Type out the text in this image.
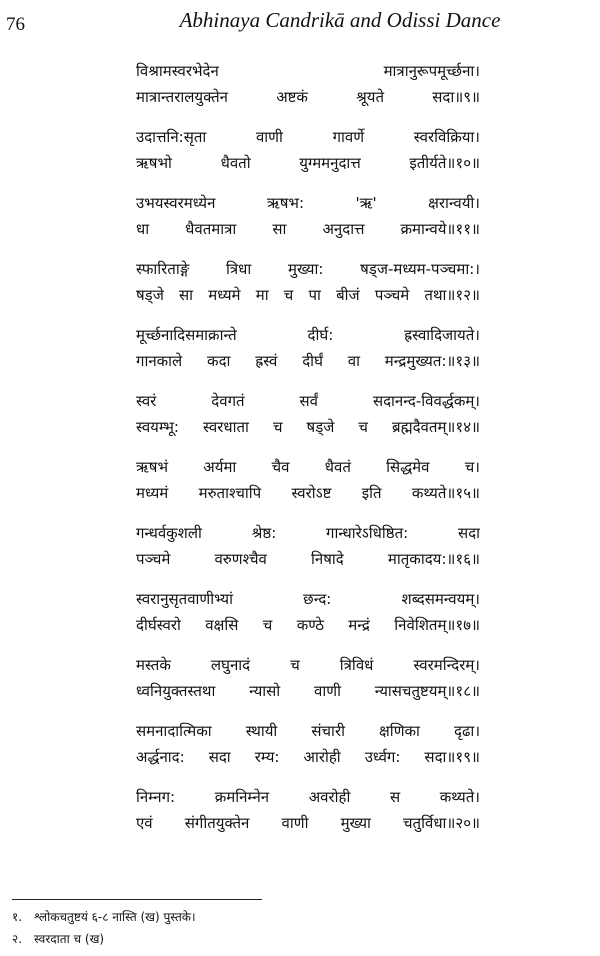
76	Abhinaya Candrikā and Odissi Dance
विश्रामस्वरभेदेन मात्रानुरूपमूर्च्छना।
मात्रान्तरालयुक्तेन अष्टकं श्रूयते सदा॥९॥
उदात्तनि:सृता वाणी गावर्णे स्वरविक्रिया।
ऋषभो धैवतो युग्ममनुदात्त इतीर्यते॥१०॥
उभयस्वरमध्येन ऋषभ: 'ऋ' क्षरान्वयी।
धा धैवतमात्रा सा अनुदात्त क्रमान्वये॥११॥
स्फारिताङ्गे त्रिधा मुख्या: षड्ज-मध्यम-पञ्चमा:।
षड्जे सा मध्यमे मा च पा बीजं पञ्चमे तथा॥१२॥
मूर्च्छनादिसमाक्रान्ते दीर्घ: ह्रस्वादिजायते।
गानकाले कदा ह्रस्वं दीर्घं वा मन्द्रमुख्यत:॥१३॥
स्वरं देवगतं सर्वं सदानन्द-विवर्द्धकम्।
स्वयम्भू: स्वरधाता च षड्जे च ब्रह्मदैवतम्॥१४॥
ऋषभं अर्यमा चैव धैवतं सिद्धमेव च।
मध्यमं मरुताश्चापि स्वरोऽष्ट इति कथ्यते॥१५॥
गन्धर्वकुशली श्रेष्ठ: गान्धारेऽधिष्ठित: सदा
पञ्चमे वरुणश्चैव निषादे मातृकादय:॥१६॥
स्वरानुसृतवाणीभ्यां छन्द: शब्दसमन्वयम्।
दीर्घस्वरो वक्षसि च कण्ठे मन्द्रं निवेशितम्॥१७॥
मस्तके लघुनादं च त्रिविधं स्वरमन्दिरम्।
ध्वनियुक्तस्तथा न्यासो वाणी न्यासचतुष्टयम्॥१८॥
समनादात्मिका स्थायी संचारी क्षणिका दृढा।
अर्द्धनाद: सदा रम्य: आरोही उर्ध्वग: सदा॥१९॥
निम्नग: क्रमनिम्नेन अवरोही स कथ्यते।
एवं संगीतयुक्तेन वाणी मुख्या चतुर्विधा॥२०॥
१. श्लोकचतुष्टयं ६-८ नास्ति (ख) पुस्तके।
२. स्वरदाता च (ख)
